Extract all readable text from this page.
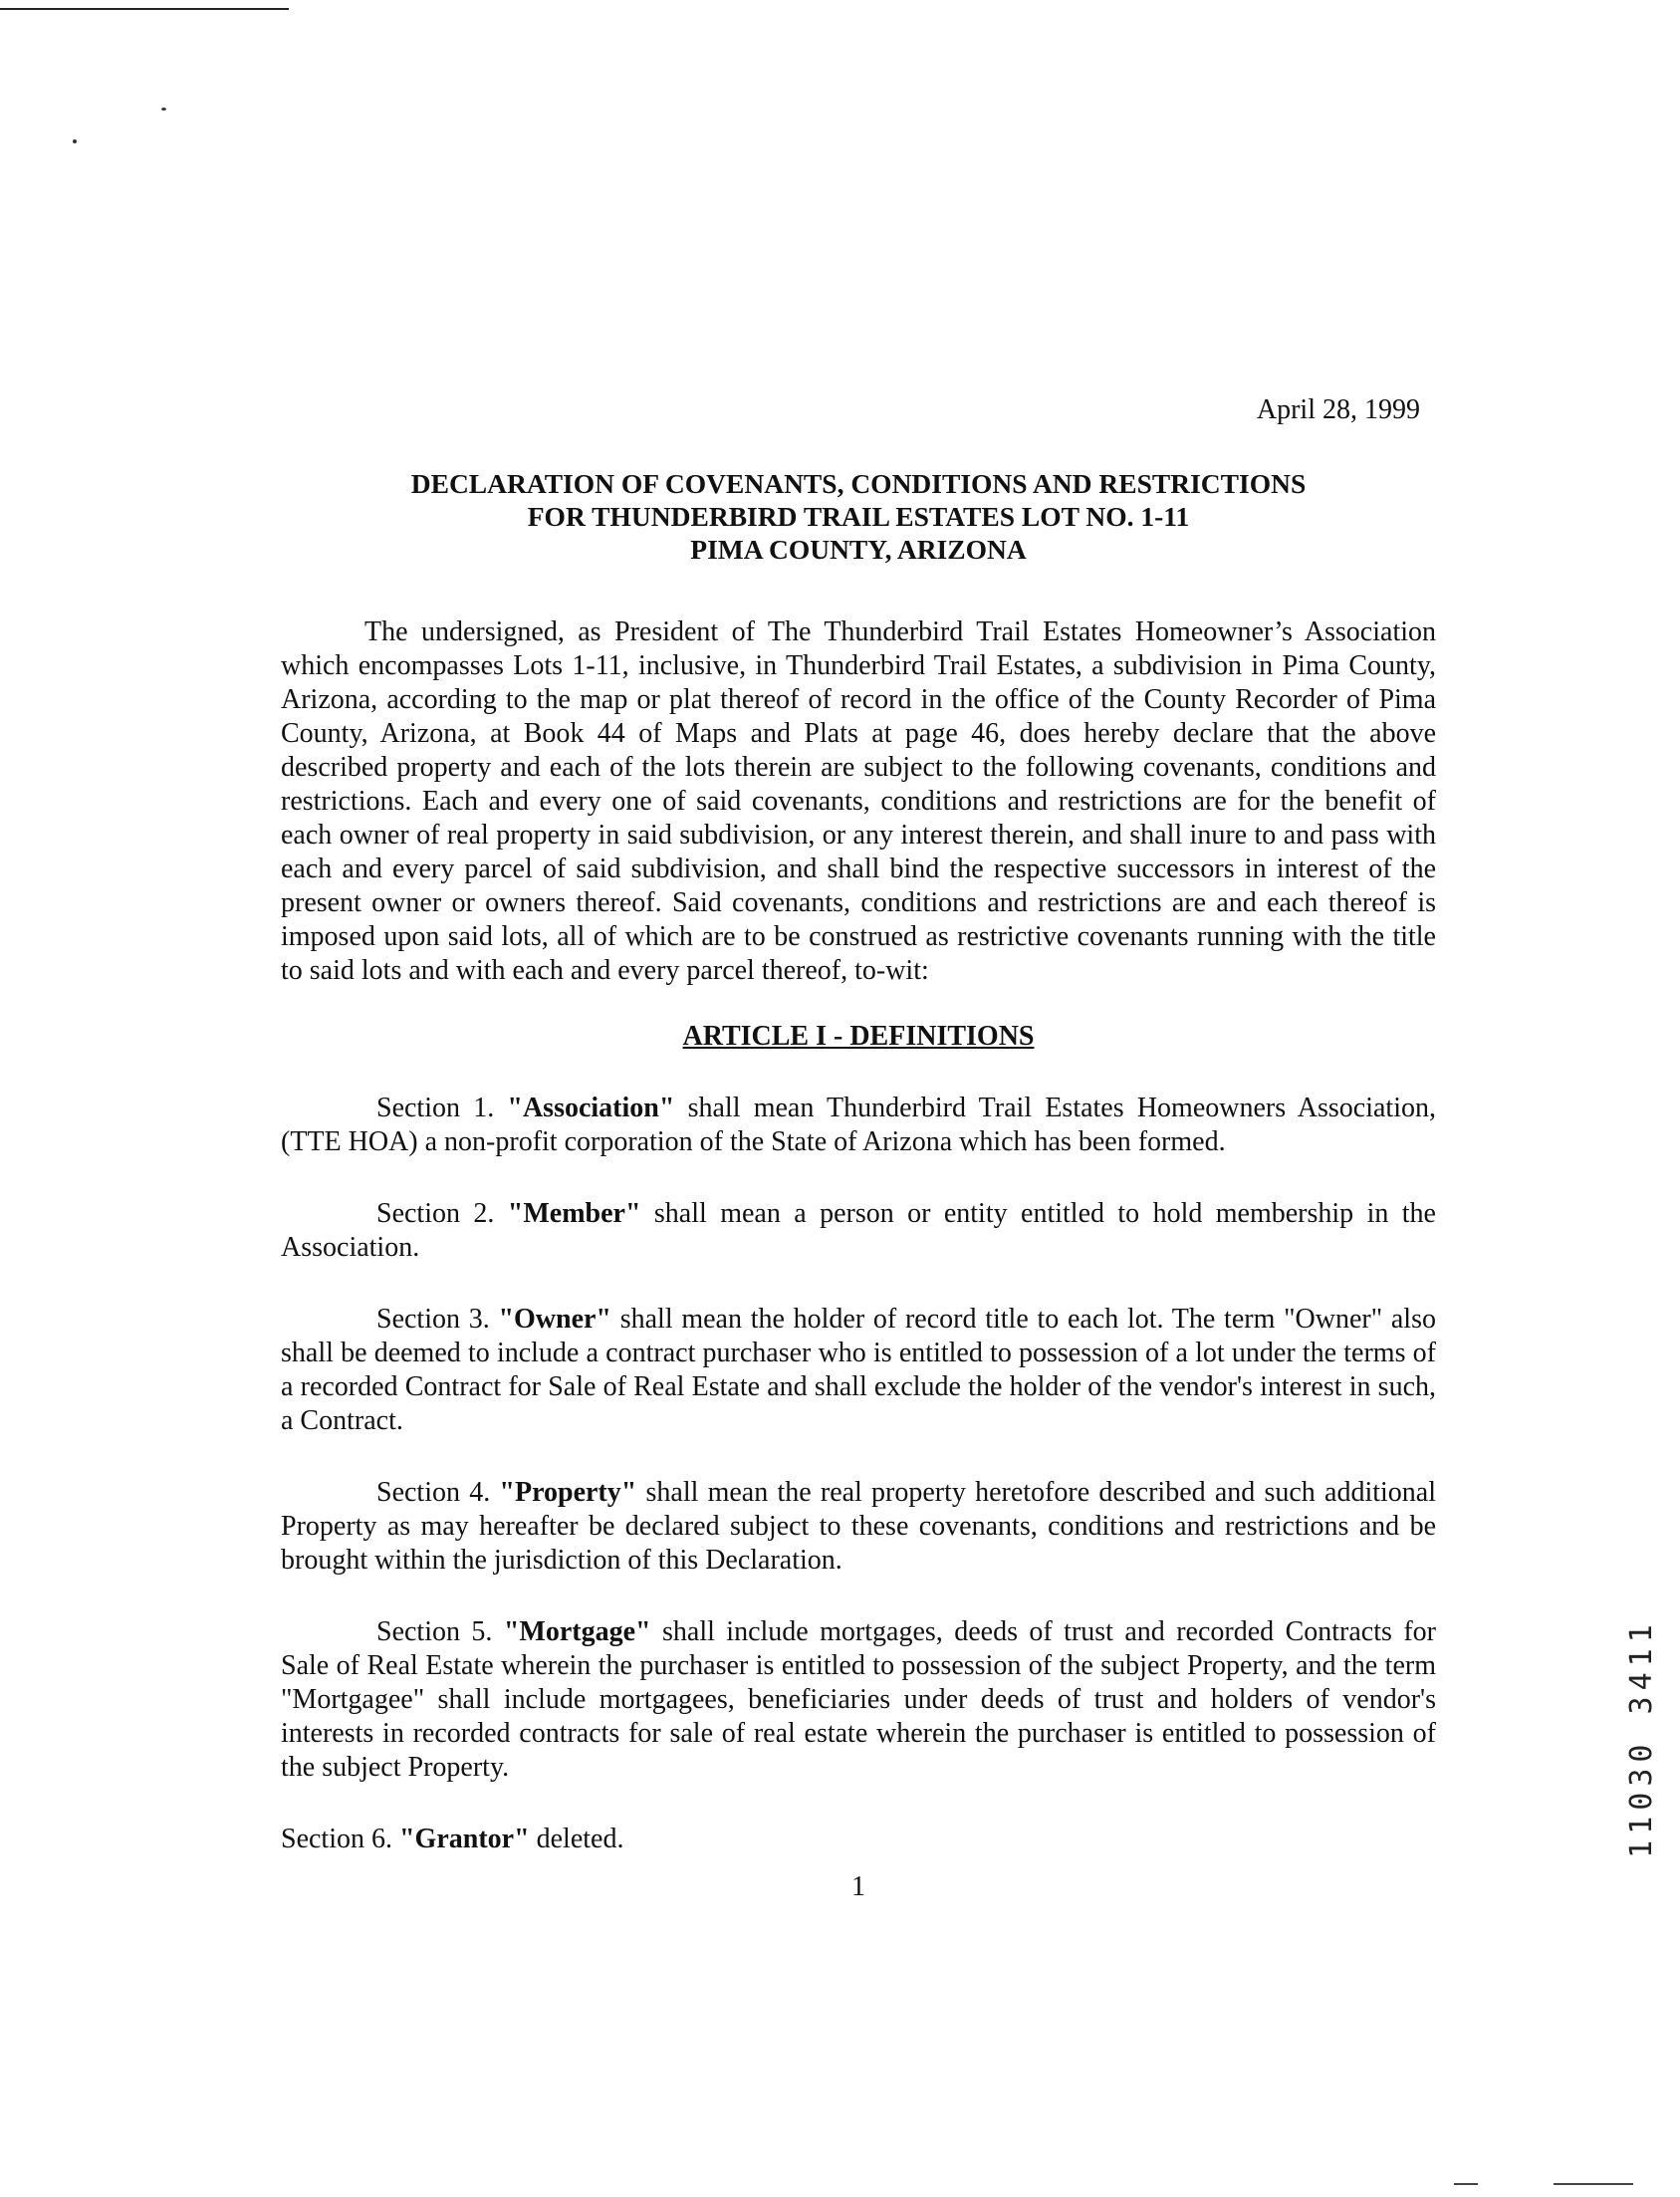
April 28, 1999

DECLARATION OF COVENANTS, CONDITIONS AND RESTRICTIONS
FOR THUNDERBIRD TRAIL ESTATES LOT NO. 1-11
PIMA COUNTY, ARIZONA

The undersigned, as President of The Thunderbird Trail Estates Homeowner’s Association which encompasses Lots 1-11, inclusive, in Thunderbird Trail Estates, a subdivision in Pima County, Arizona, according to the map or plat thereof of record in the office of the County Recorder of Pima County, Arizona, at Book 44 of Maps and Plats at page 46, does hereby declare that the above described property and each of the lots therein are subject to the following covenants, conditions and restrictions. Each and every one of said covenants, conditions and restrictions are for the benefit of each owner of real property in said subdivision, or any interest therein, and shall inure to and pass with each and every parcel of said subdivision, and shall bind the respective successors in interest of the present owner or owners thereof. Said covenants, conditions and restrictions are and each thereof is imposed upon said lots, all of which are to be construed as restrictive covenants running with the title to said lots and with each and every parcel thereof, to-wit:

ARTICLE I - DEFINITIONS

Section 1. "Association" shall mean Thunderbird Trail Estates Homeowners Association, (TTE HOA) a non-profit corporation of the State of Arizona which has been formed.

Section 2. "Member" shall mean a person or entity entitled to hold membership in the Association.

Section 3. "Owner" shall mean the holder of record title to each lot. The term "Owner" also shall be deemed to include a contract purchaser who is entitled to possession of a lot under the terms of a recorded Contract for Sale of Real Estate and shall exclude the holder of the vendor's interest in such, a Contract.

Section 4. "Property" shall mean the real property heretofore described and such additional Property as may hereafter be declared subject to these covenants, conditions and restrictions and be brought within the jurisdiction of this Declaration.

Section 5. "Mortgage" shall include mortgages, deeds of trust and recorded Contracts for Sale of Real Estate wherein the purchaser is entitled to possession of the subject Property, and the term "Mortgagee" shall include mortgagees, beneficiaries under deeds of trust and holders of vendor's interests in recorded contracts for sale of real estate wherein the purchaser is entitled to possession of the subject Property.

Section 6. "Grantor" deleted.

1

11030 3411
